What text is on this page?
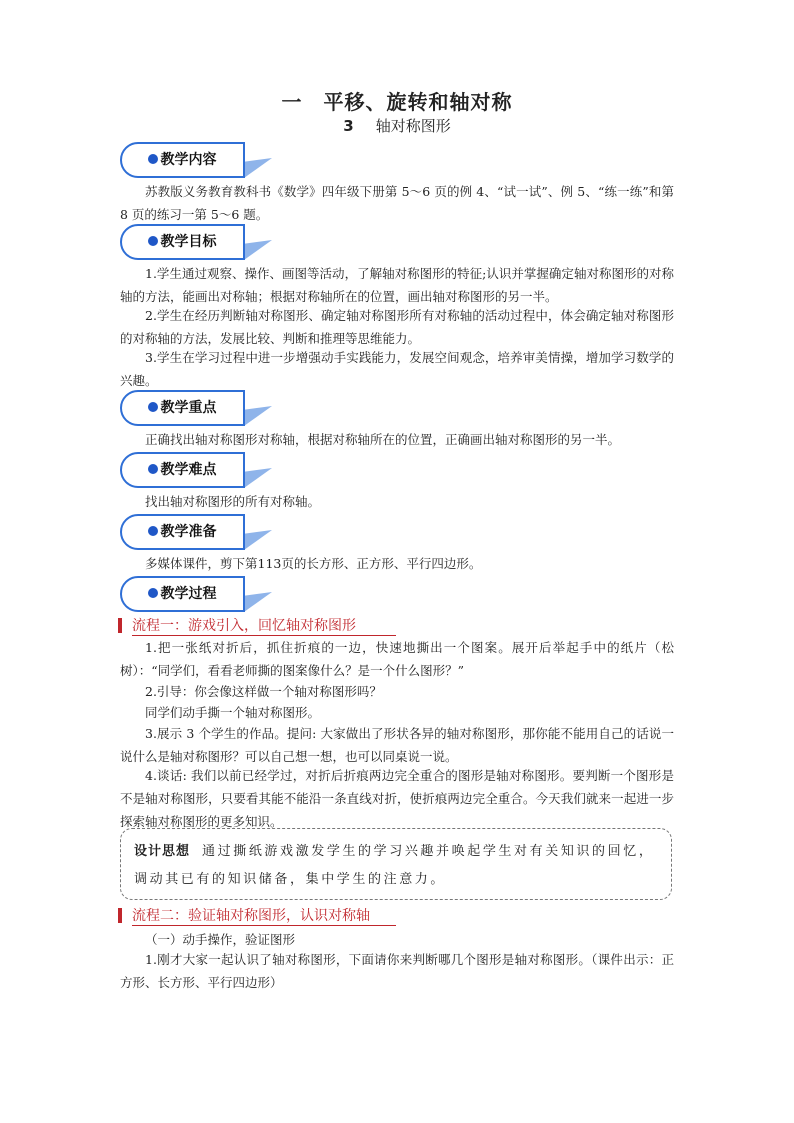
一　平移、旋转和轴对称
3 轴对称图形
教学内容

苏教版义务教育教科书《数学》四年级下册第 5～6 页的例 4、“试一试”、例 5、“练一练”和第 8 页的练习一第 5～6 题。

教学目标

1.学生通过观察、操作、画图等活动，了解轴对称图形的特征;认识并掌握确定轴对称图形的对称轴的方法，能画出对称轴；根据对称轴所在的位置，画出轴对称图形的另一半。

2.学生在经历判断轴对称图形、确定轴对称图形所有对称轴的活动过程中，体会确定轴对称图形的对称轴的方法，发展比较、判断和推理等思维能力。

3.学生在学习过程中进一步增强动手实践能力，发展空间观念，培养审美情操，增加学习数学的兴趣。

教学重点

正确找出轴对称图形对称轴，根据对称轴所在的位置，正确画出轴对称图形的另一半。

教学难点

找出轴对称图形的所有对称轴。

教学准备

多媒体课件，剪下第113页的长方形、正方形、平行四边形。

教学过程
流程一：游戏引入，回忆轴对称图形

1.把一张纸对折后，抓住折痕的一边，快速地撕出一个图案。展开后举起手中的纸片（松树）：“同学们，看看老师撕的图案像什么？是一个什么图形？”

2.引导：你会像这样做一个轴对称图形吗？

同学们动手撕一个轴对称图形。

3.展示 3 个学生的作品。提问: 大家做出了形状各异的轴对称图形，那你能不能用自己的话说一说什么是轴对称图形？可以自己想一想，也可以同桌说一说。

4.谈话: 我们以前已经学过，对折后折痕两边完全重合的图形是轴对称图形。要判断一个图形是不是轴对称图形，只要看其能不能沿一条直线对折，使折痕两边完全重合。今天我们就来一起进一步探索轴对称图形的更多知识。

设计思想 通过撕纸游戏激发学生的学习兴趣并唤起学生对有关知识的回忆，调动其已有的知识储备，集中学生的注意力。

流程二：验证轴对称图形，认识对称轴

（一）动手操作，验证图形

1.刚才大家一起认识了轴对称图形，下面请你来判断哪几个图形是轴对称图形。（课件出示：正方形、长方形、平行四边形）
